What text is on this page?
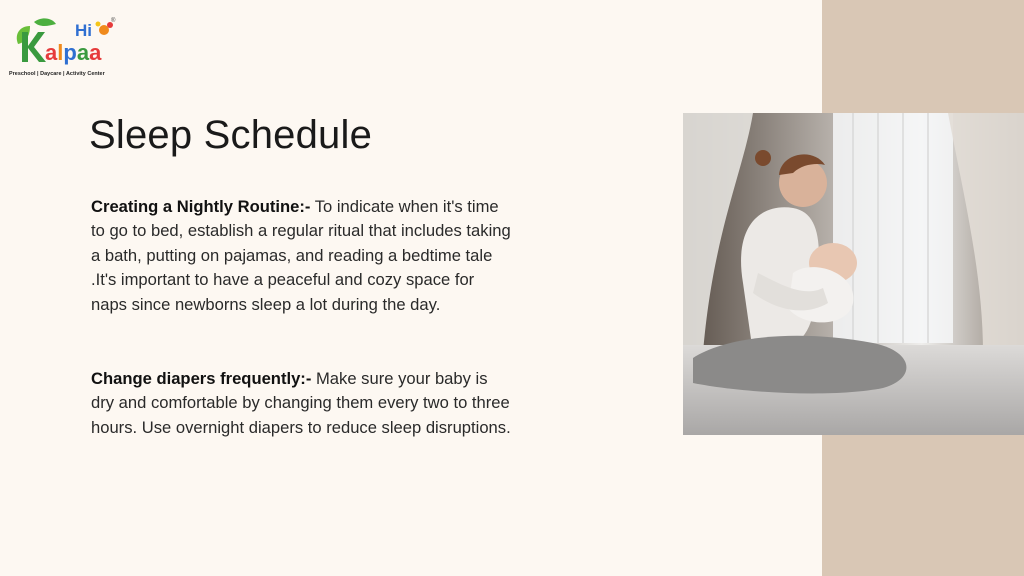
Hi	®
alpaa
Preschool | Daycare | Activity Center
Sleep Schedule

Creating a Nightly Routine:- To indicate when it's time to go to bed, establish a regular ritual that includes taking a bath, putting on pajamas, and reading a bedtime tale .It's important to have a peaceful and cozy space for naps since newborns sleep a lot during the day.

Change diapers frequently:- Make sure your baby is dry and comfortable by changing them every two to three hours. Use overnight diapers to reduce sleep disruptions.
